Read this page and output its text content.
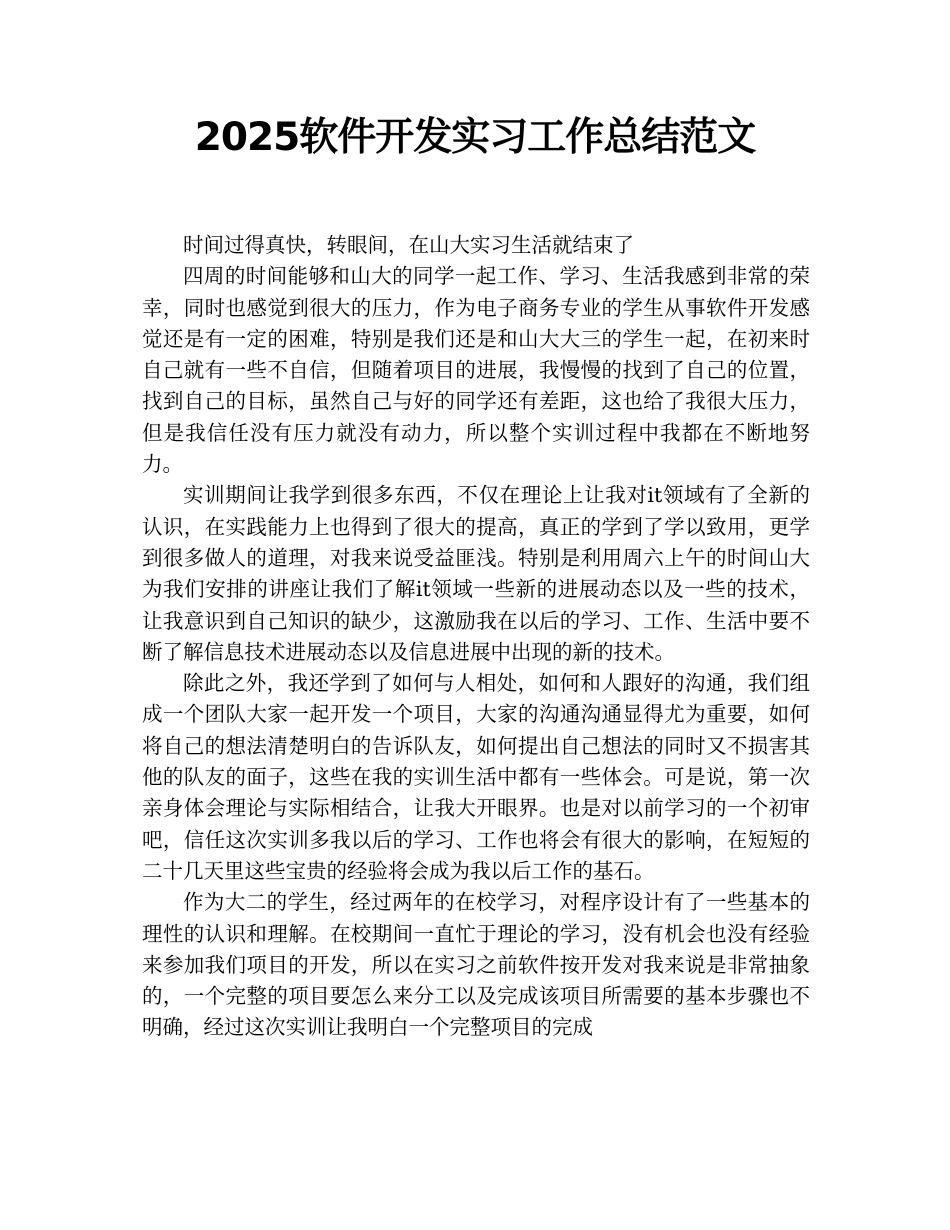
2025软件开发实习工作总结范文

时间过得真快，转眼间，在山大实习生活就结束了

四周的时间能够和山大的同学一起工作、学习、生活我感到非常的荣幸，同时也感觉到很大的压力，作为电子商务专业的学生从事软件开发感觉还是有一定的困难，特别是我们还是和山大大三的学生一起，在初来时自己就有一些不自信，但随着项目的进展，我慢慢的找到了自己的位置，找到自己的目标，虽然自己与好的同学还有差距，这也给了我很大压力，但是我信任没有压力就没有动力，所以整个实训过程中我都在不断地努力。

实训期间让我学到很多东西，不仅在理论上让我对it领域有了全新的认识，在实践能力上也得到了很大的提高，真正的学到了学以致用，更学到很多做人的道理，对我来说受益匪浅。特别是利用周六上午的时间山大为我们安排的讲座让我们了解it领域一些新的进展动态以及一些的技术，让我意识到自己知识的缺少，这激励我在以后的学习、工作、生活中要不断了解信息技术进展动态以及信息进展中出现的新的技术。

除此之外，我还学到了如何与人相处，如何和人跟好的沟通，我们组成一个团队大家一起开发一个项目，大家的沟通沟通显得尤为重要，如何将自己的想法清楚明白的告诉队友，如何提出自己想法的同时又不损害其他的队友的面子，这些在我的实训生活中都有一些体会。可是说，第一次亲身体会理论与实际相结合，让我大开眼界。也是对以前学习的一个初审吧，信任这次实训多我以后的学习、工作也将会有很大的影响，在短短的二十几天里这些宝贵的经验将会成为我以后工作的基石。

作为大二的学生，经过两年的在校学习，对程序设计有了一些基本的理性的认识和理解。在校期间一直忙于理论的学习，没有机会也没有经验来参加我们项目的开发，所以在实习之前软件按开发对我来说是非常抽象的，一个完整的项目要怎么来分工以及完成该项目所需要的基本步骤也不明确，经过这次实训让我明白一个完整项目的完成
